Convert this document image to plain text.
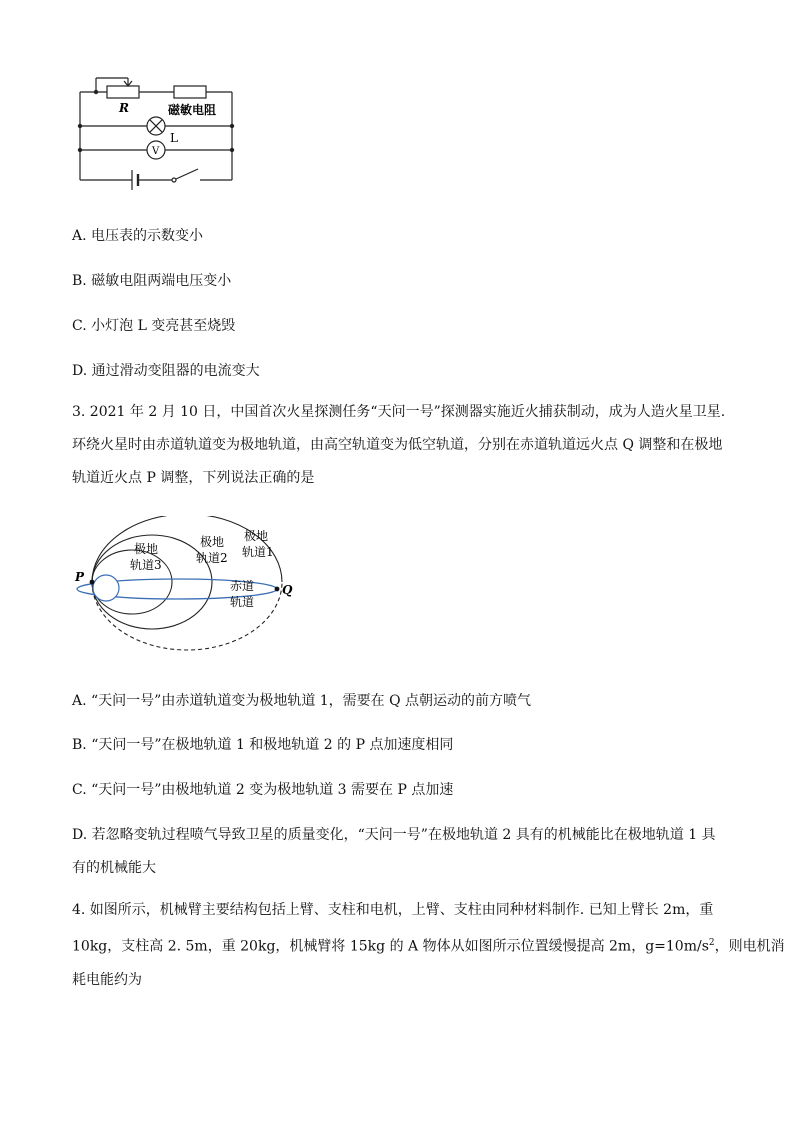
R	磁敏电阻
L
V
A. 电压表的示数变小
B. 磁敏电阻两端电压变小
C. 小灯泡 L 变亮甚至烧毁
D. 通过滑动变阻器的电流变大
3. 2021 年 2 月 10 日，中国首次火星探测任务“天问一号”探测器实施近火捕获制动，成为人造火星卫星.
环绕火星时由赤道轨道变为极地轨道，由高空轨道变为低空轨道，分别在赤道轨道远火点 Q 调整和在极地
轨道近火点 P 调整，下列说法正确的是
P
Q
极地
轨道1
极地
轨道2
极地
轨道3
赤道
轨道
A. “天问一号”由赤道轨道变为极地轨道 1，需要在 Q 点朝运动的前方喷气
B. “天问一号”在极地轨道 1 和极地轨道 2 的 P 点加速度相同
C. “天问一号”由极地轨道 2 变为极地轨道 3 需要在 P 点加速
D. 若忽略变轨过程喷气导致卫星的质量变化，“天问一号”在极地轨道 2 具有的机械能比在极地轨道 1 具
有的机械能大
4. 如图所示，机械臂主要结构包括上臂、支柱和电机，上臂、支柱由同种材料制作. 已知上臂长 2m，重
10kg，支柱高 2. 5m，重 20kg，机械臂将 15kg 的 A 物体从如图所示位置缓慢提高 2m，$g=10m/s^2$，则电机消
耗电能约为
